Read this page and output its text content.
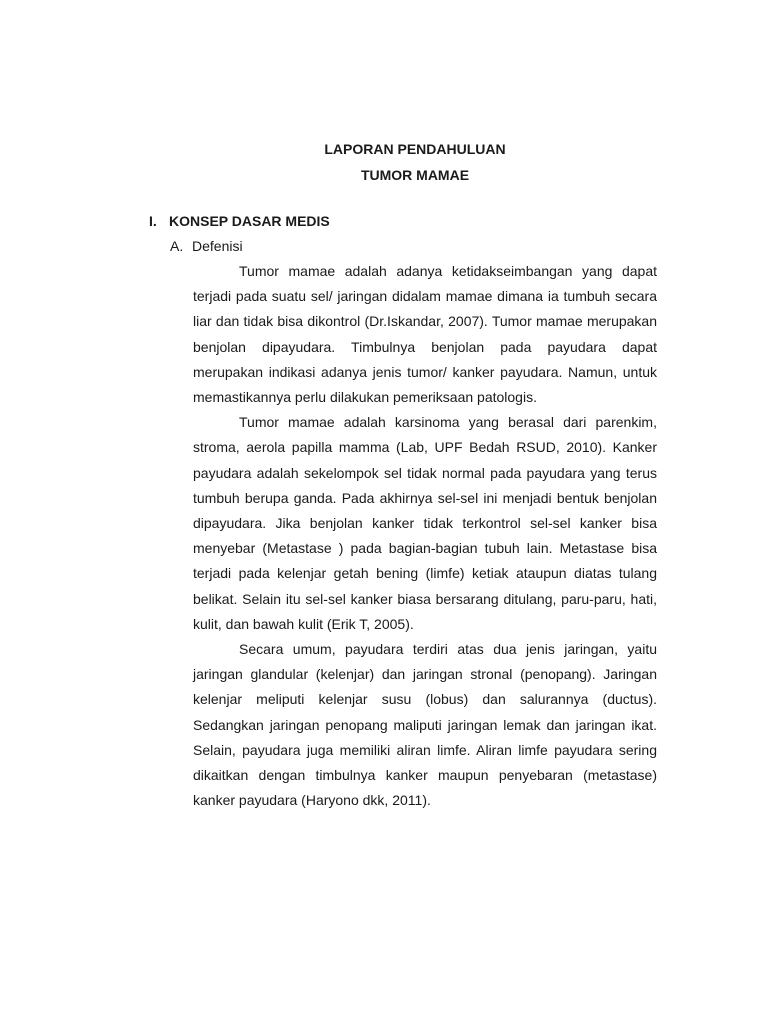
LAPORAN PENDAHULUAN
TUMOR MAMAE
I. KONSEP DASAR MEDIS
A. Defenisi

Tumor mamae adalah adanya ketidakseimbangan yang dapat terjadi pada suatu sel/ jaringan didalam mamae dimana ia tumbuh secara liar dan tidak bisa dikontrol (Dr.Iskandar, 2007). Tumor mamae merupakan benjolan dipayudara. Timbulnya benjolan pada payudara dapat merupakan indikasi adanya jenis tumor/ kanker payudara. Namun, untuk memastikannya perlu dilakukan pemeriksaan patologis.

Tumor mamae adalah karsinoma yang berasal dari parenkim, stroma, aerola papilla mamma (Lab, UPF Bedah RSUD, 2010). Kanker payudara adalah sekelompok sel tidak normal pada payudara yang terus tumbuh berupa ganda. Pada akhirnya sel-sel ini menjadi bentuk benjolan dipayudara. Jika benjolan kanker tidak terkontrol sel-sel kanker bisa menyebar (Metastase ) pada bagian-bagian tubuh lain. Metastase bisa terjadi pada kelenjar getah bening (limfe) ketiak ataupun diatas tulang belikat. Selain itu sel-sel kanker biasa bersarang ditulang, paru-paru, hati, kulit, dan bawah kulit (Erik T, 2005).

Secara umum, payudara terdiri atas dua jenis jaringan, yaitu jaringan glandular (kelenjar) dan jaringan stronal (penopang). Jaringan kelenjar meliputi kelenjar susu (lobus) dan salurannya (ductus). Sedangkan jaringan penopang maliputi jaringan lemak dan jaringan ikat. Selain, payudara juga memiliki aliran limfe. Aliran limfe payudara sering dikaitkan dengan timbulnya kanker maupun penyebaran (metastase) kanker payudara (Haryono dkk, 2011).
